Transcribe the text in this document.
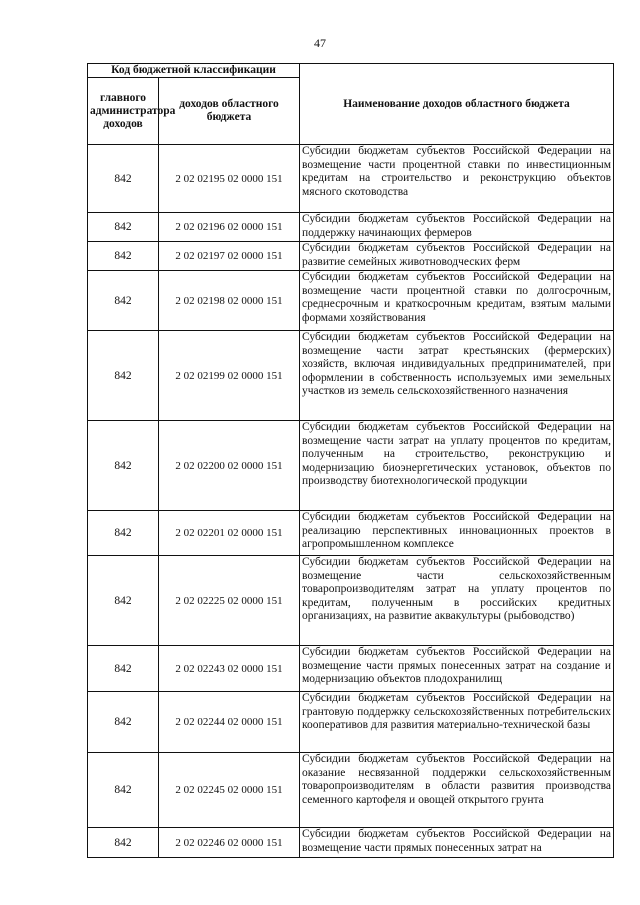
47
Код бюджетной классификации		Наименование доходов областного бюджета
главного администратора доходов	доходов областного бюджета	
842	2 02 02195 02 0000 151	Субсидии бюджетам субъектов Российской Федерации на возмещение части процентной ставки по инвестиционным кредитам на строительство и реконструкцию объектов мясного скотоводства
842	2 02 02196 02 0000 151	Субсидии бюджетам субъектов Российской Федерации на поддержку начинающих фермеров
842	2 02 02197 02 0000 151	Субсидии бюджетам субъектов Российской Федерации на развитие семейных животноводческих ферм
842	2 02 02198 02 0000 151	Субсидии бюджетам субъектов Российской Федерации на возмещение части процентной ставки по долгосрочным, среднесрочным и краткосрочным кредитам, взятым малыми формами хозяйствования
842	2 02 02199 02 0000 151	Субсидии бюджетам субъектов Российской Федерации на возмещение части затрат крестьянских (фермерских) хозяйств, включая индивидуальных предпринимателей, при оформлении в собственность используемых ими земельных участков из земель сельскохозяйственного назначения
842	2 02 02200 02 0000 151	Субсидии бюджетам субъектов Российской Федерации на возмещение части затрат на уплату процентов по кредитам, полученным на строительство, реконструкцию и модернизацию биоэнергетических установок, объектов по производству биотехнологической продукции
842	2 02 02201 02 0000 151	Субсидии бюджетам субъектов Российской Федерации на реализацию перспективных инновационных проектов в агропромышленном комплексе
842	2 02 02225 02 0000 151	Субсидии бюджетам субъектов Российской Федерации на возмещение части сельскохозяйственным товаропроизводителям затрат на уплату процентов по кредитам, полученным в российских кредитных организациях, на развитие аквакультуры (рыбоводство)
842	2 02 02243 02 0000 151	Субсидии бюджетам субъектов Российской Федерации на возмещение части прямых понесенных затрат на создание и модернизацию объектов плодохранилищ
842	2 02 02244 02 0000 151	Субсидии бюджетам субъектов Российской Федерации на грантовую поддержку сельскохозяйственных потребительских кооперативов для развития материально-технической базы
842	2 02 02245 02 0000 151	Субсидии бюджетам субъектов Российской Федерации на оказание несвязанной поддержки сельскохозяйственным товаропроизводителям в области развития производства семенного картофеля и овощей открытого грунта
842	2 02 02246 02 0000 151	Субсидии бюджетам субъектов Российской Федерации на возмещение части прямых понесенных затрат на
